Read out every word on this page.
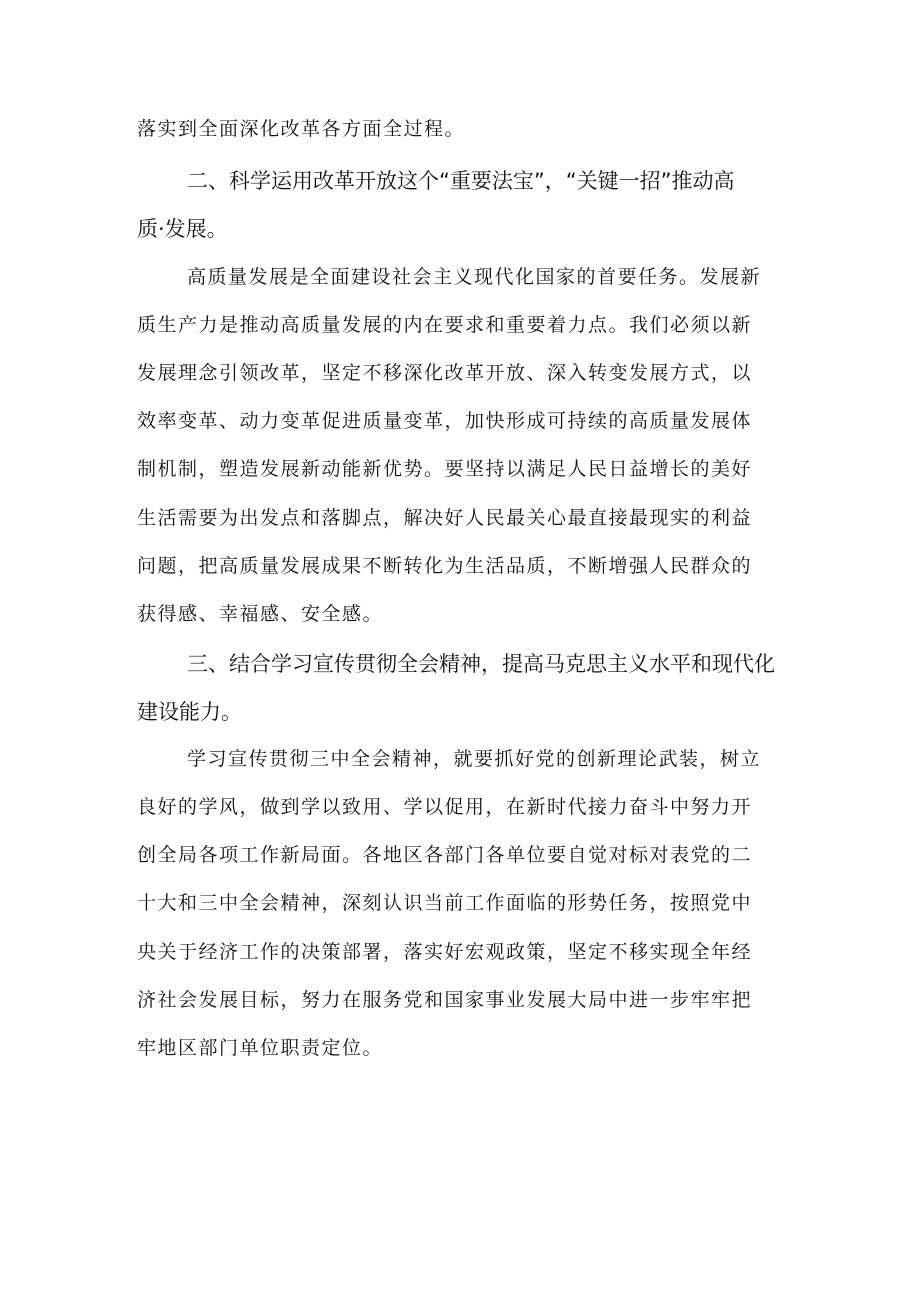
落实到全面深化改革各方面全过程。

二、科学运用改革开放这个“重要法宝”，“关键一招”推动高

质·发展。

高质量发展是全面建设社会主义现代化国家的首要任务。发展新

质生产力是推动高质量发展的内在要求和重要着力点。我们必须以新

发展理念引领改革，坚定不移深化改革开放、深入转变发展方式，以

效率变革、动力变革促进质量变革，加快形成可持续的高质量发展体

制机制，塑造发展新动能新优势。要坚持以满足人民日益增长的美好

生活需要为出发点和落脚点，解决好人民最关心最直接最现实的利益

问题，把高质量发展成果不断转化为生活品质，不断增强人民群众的

获得感、幸福感、安全感。

三、结合学习宣传贯彻全会精神，提高马克思主义水平和现代化

建设能力。

学习宣传贯彻三中全会精神，就要抓好党的创新理论武装，树立

良好的学风，做到学以致用、学以促用，在新时代接力奋斗中努力开

创全局各项工作新局面。各地区各部门各单位要自觉对标对表党的二

十大和三中全会精神，深刻认识当前工作面临的形势任务，按照党中

央关于经济工作的决策部署，落实好宏观政策，坚定不移实现全年经

济社会发展目标，努力在服务党和国家事业发展大局中进一步牢牢把

牢地区部门单位职责定位。
